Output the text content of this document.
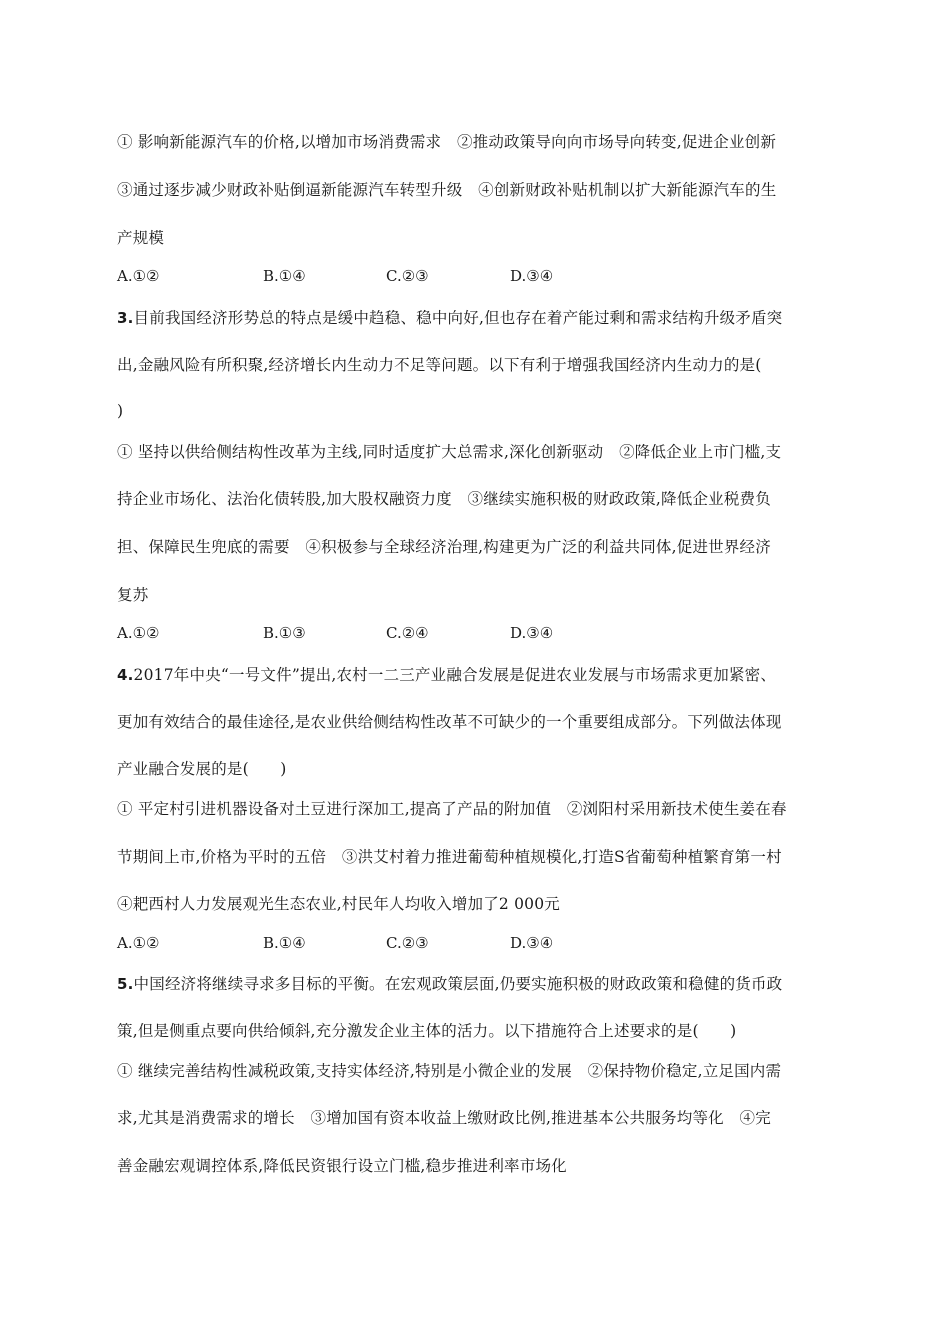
① 影响新能源汽车的价格,以增加市场消费需求　②推动政策导向向市场导向转变,促进企业创新
③通过逐步减少财政补贴倒逼新能源汽车转型升级　④创新财政补贴机制以扩大新能源汽车的生
产规模
A.①②	B.①④	C.②③	D.③④
3.目前我国经济形势总的特点是缓中趋稳、稳中向好,但也存在着产能过剩和需求结构升级矛盾突
出,金融风险有所积聚,经济增长内生动力不足等问题。以下有利于增强我国经济内生动力的是(
)
① 坚持以供给侧结构性改革为主线,同时适度扩大总需求,深化创新驱动　②降低企业上市门槛,支
持企业市场化、法治化债转股,加大股权融资力度　③继续实施积极的财政政策,降低企业税费负
担、保障民生兜底的需要　④积极参与全球经济治理,构建更为广泛的利益共同体,促进世界经济
复苏
A.①②	B.①③	C.②④	D.③④
4.2017年中央“一号文件”提出,农村一二三产业融合发展是促进农业发展与市场需求更加紧密、
更加有效结合的最佳途径,是农业供给侧结构性改革不可缺少的一个重要组成部分。下列做法体现
产业融合发展的是(　　)
① 平定村引进机器设备对土豆进行深加工,提高了产品的附加值　②浏阳村采用新技术使生姜在春
节期间上市,价格为平时的五倍　③洪艾村着力推进葡萄种植规模化,打造S省葡萄种植繁育第一村
④耙西村人力发展观光生态农业,村民年人均收入增加了2 000元
A.①②	B.①④	C.②③	D.③④
5.中国经济将继续寻求多目标的平衡。在宏观政策层面,仍要实施积极的财政政策和稳健的货币政
策,但是侧重点要向供给倾斜,充分激发企业主体的活力。以下措施符合上述要求的是(　　)
① 继续完善结构性减税政策,支持实体经济,特别是小微企业的发展　②保持物价稳定,立足国内需
求,尤其是消费需求的增长　③增加国有资本收益上缴财政比例,推进基本公共服务均等化　④完
善金融宏观调控体系,降低民资银行设立门槛,稳步推进利率市场化
